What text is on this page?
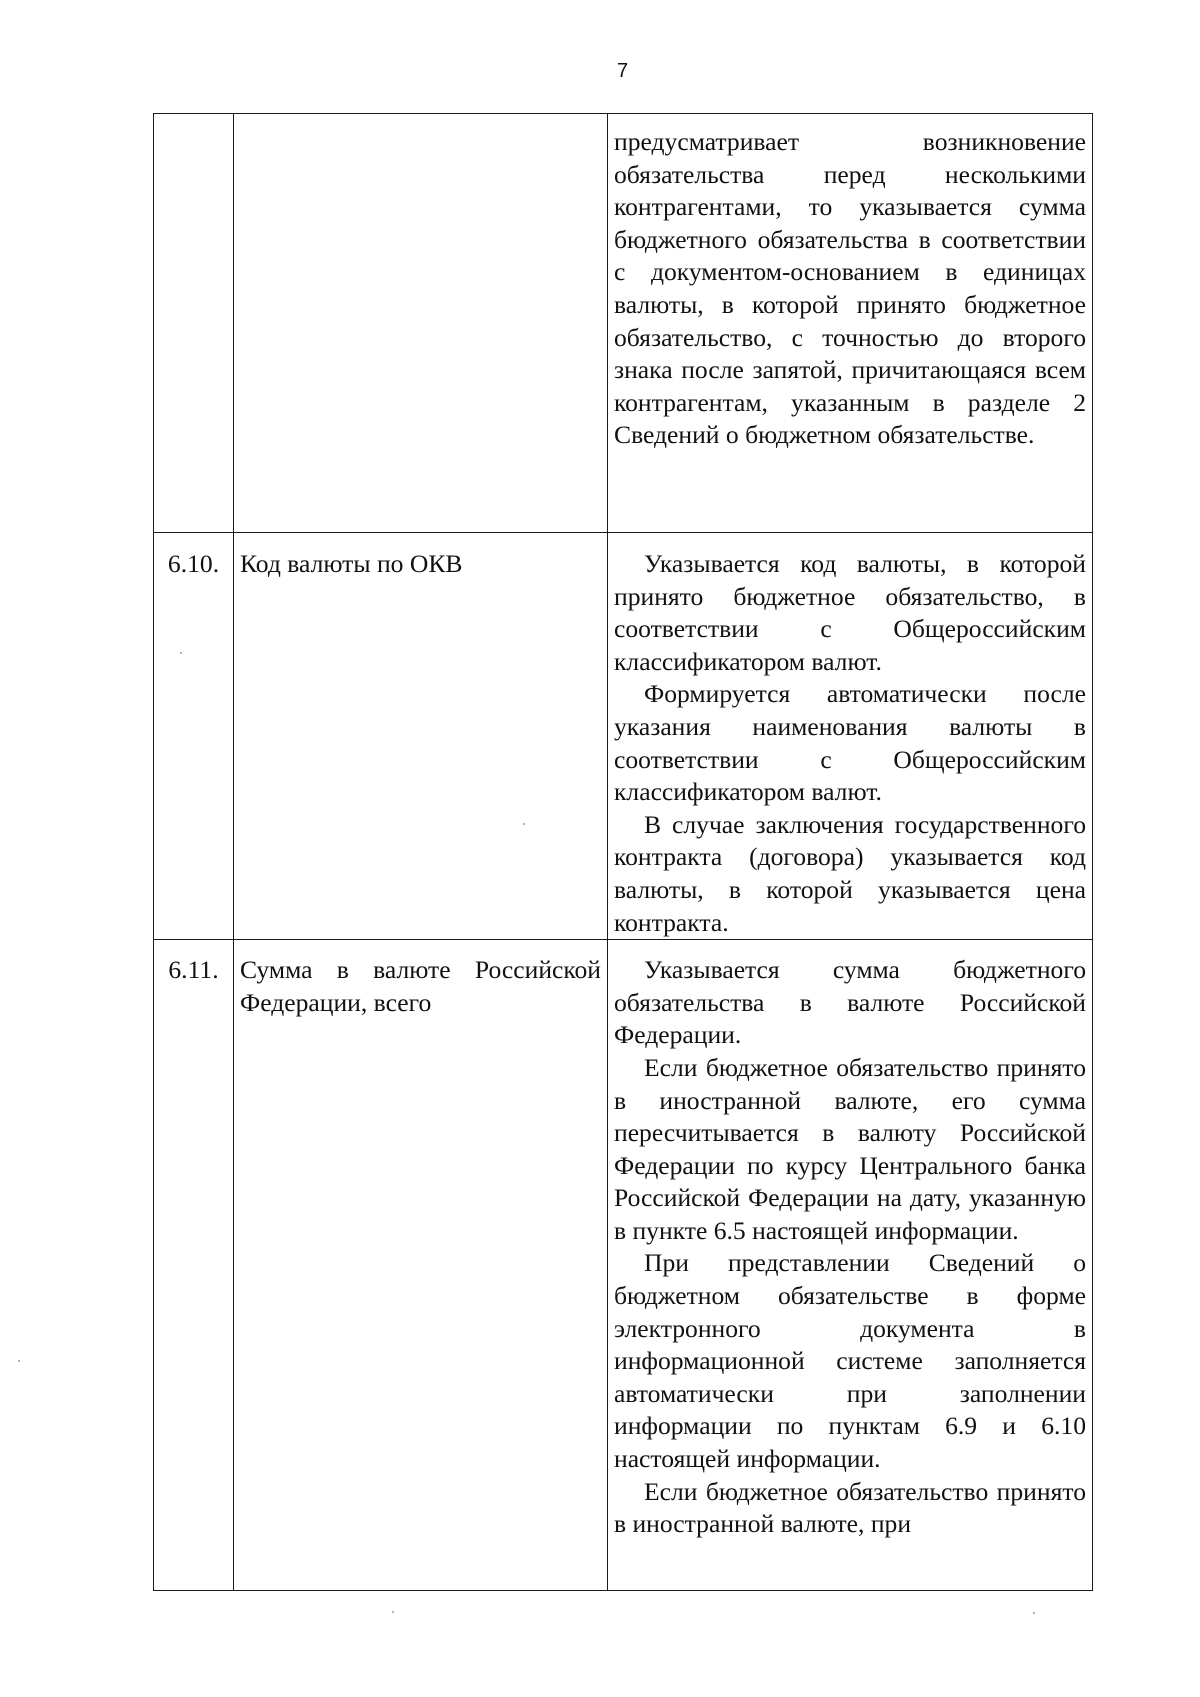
7

		предусматривает возникновение обязательства перед несколькими контрагентами, то указывается сумма бюджетного обязательства в соответствии с документом-основанием в единицах валюты, в которой принято бюджетное обязательство, с точностью до второго знака после запятой, причитающаяся всем контрагентам, указанным в разделе 2 Сведений о бюджетном обязательстве.

6.10.	Код валюты по ОКВ	Указывается код валюты, в которой принято бюджетное обязательство, в соответствии с Общероссийским классификатором валют.

Формируется автоматически после указания наименования валюты в соответствии с Общероссийским классификатором валют.

В случае заключения государственного контракта (договора) указывается код валюты, в которой указывается цена контракта.

6.11.	Сумма в валюте Российской Федерации, всего	Указывается сумма бюджетного обязательства в валюте Российской Федерации.

Если бюджетное обязательство принято в иностранной валюте, его сумма пересчитывается в валюту Российской Федерации по курсу Центрального банка Российской Федерации на дату, указанную в пункте 6.5 настоящей информации.

При представлении Сведений о бюджетном обязательстве в форме электронного документа в информационной системе заполняется автоматически при заполнении информации по пунктам 6.9 и 6.10 настоящей информации.

Если бюджетное обязательство принято в иностранной валюте, при
